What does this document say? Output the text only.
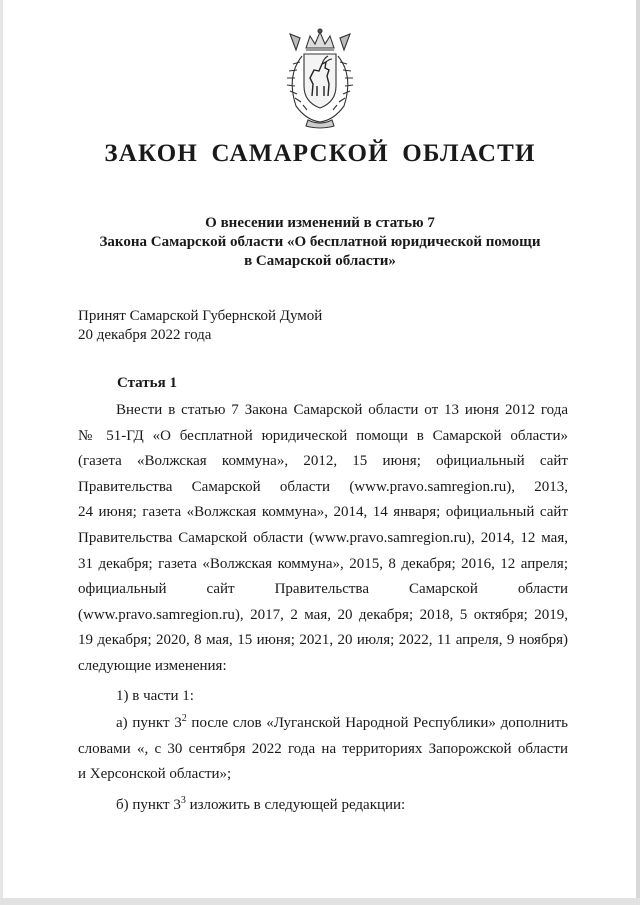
ЗАКОН САМАРСКОЙ ОБЛАСТИ
О внесении изменений в статью 7
Закона Самарской области «О бесплатной юридической помощи
в Самарской области»
Принят Самарской Губернской Думой
20 декабря 2022 года
Статья 1
Внести в статью 7 Закона Самарской области от 13 июня 2012 года
№ 51-ГД «О бесплатной юридической помощи в Самарской области»
(газета «Волжская коммуна», 2012, 15 июня; официальный сайт
Правительства Самарской области (www.pravo.samregion.ru), 2013,
24 июня; газета «Волжская коммуна», 2014, 14 января; официальный сайт
Правительства Самарской области (www.pravo.samregion.ru), 2014, 12 мая,
31 декабря; газета «Волжская коммуна», 2015, 8 декабря; 2016, 12 апреля;
официальный сайт Правительства Самарской области
(www.pravo.samregion.ru), 2017, 2 мая, 20 декабря; 2018, 5 октября; 2019,
19 декабря; 2020, 8 мая, 15 июня; 2021, 20 июля; 2022, 11 апреля, 9 ноября)
следующие изменения:
1) в части 1:
а) пункт $3^2$ после слов «Луганской Народной Республики» дополнить
словами «, с 30 сентября 2022 года на территориях Запорожской области
и Херсонской области»;
б) пункт $3^3$ изложить в следующей редакции:
